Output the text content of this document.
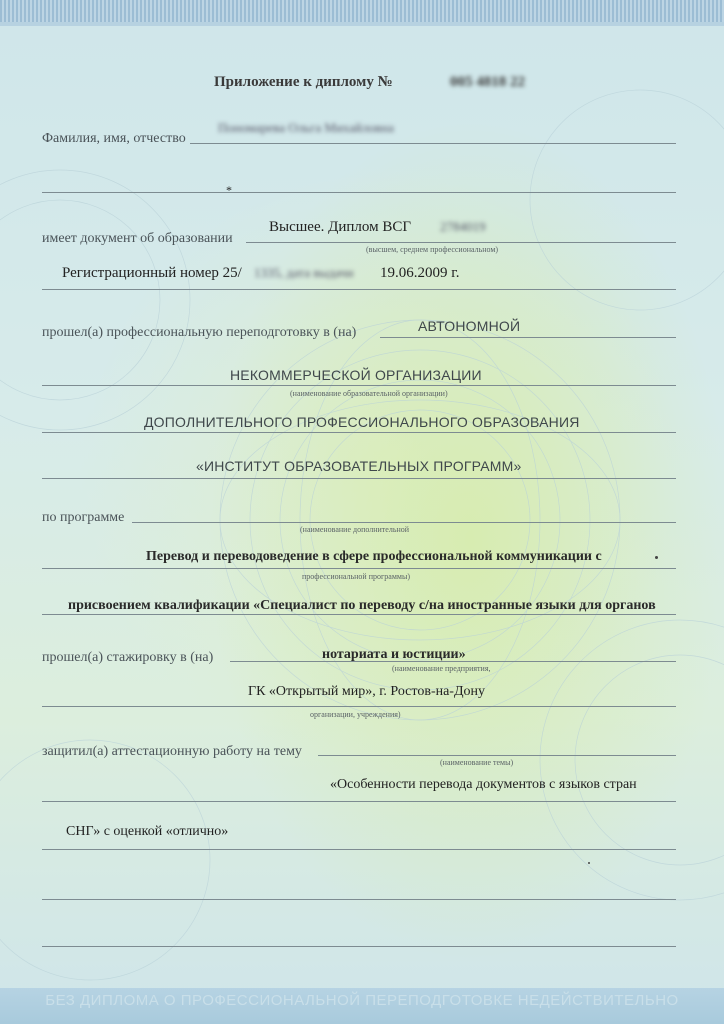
Приложение к диплому №	005 4818 22
Фамилия, имя, отчество
Пономарева Ольга Михайловна
*
имеет документ об образовании
Высшее. Диплом ВСГ 2784019
(высшем, среднем профессиональном)
Регистрационный номер 25/ 1335, дата выдачи 19.06.2009 г.
прошел(а) профессиональную переподготовку в (на)	АВТОНОМНОЙ
НЕКОММЕРЧЕСКОЙ ОРГАНИЗАЦИИ
(наименование образовательной организации)
ДОПОЛНИТЕЛЬНОГО ПРОФЕССИОНАЛЬНОГО ОБРАЗОВАНИЯ
«ИНСТИТУТ ОБРАЗОВАТЕЛЬНЫХ ПРОГРАММ»
по программе
(наименование дополнительной
Перевод и переводоведение в сфере профессиональной коммуникации с
профессиональной программы)
присвоением квалификации «Специалист по переводу с/на иностранные языки для органов
прошел(а) стажировку в (на)	нотариата и юстиции»
(наименование предприятия,
ГК «Открытый мир», г. Ростов-на-Дону
организации, учреждения)
защитил(а) аттестационную работу на тему
(наименование темы)
«Особенности перевода документов с языков стран
СНГ» с оценкой «отлично»
БЕЗ ДИПЛОМА О ПРОФЕССИОНАЛЬНОЙ ПЕРЕПОДГОТОВКЕ НЕДЕЙСТВИТЕЛЬНО
